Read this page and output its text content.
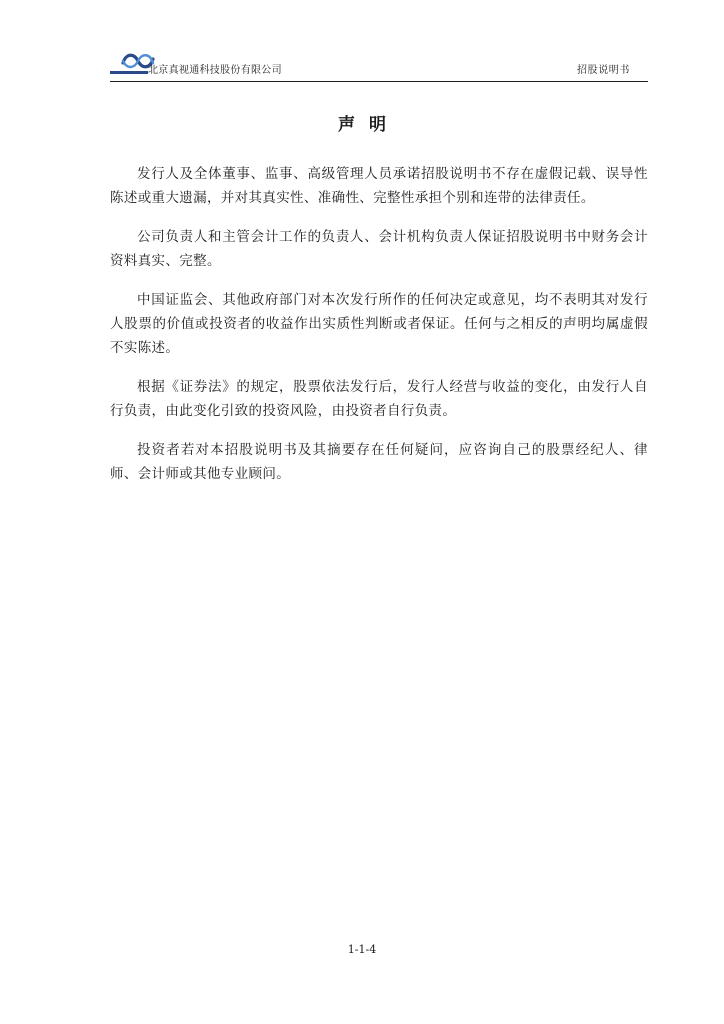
北京真视通科技股份有限公司	招股说明书
声明

发行人及全体董事、监事、高级管理人员承诺招股说明书不存在虚假记载、误导性陈述或重大遗漏，并对其真实性、准确性、完整性承担个别和连带的法律责任。

公司负责人和主管会计工作的负责人、会计机构负责人保证招股说明书中财务会计资料真实、完整。

中国证监会、其他政府部门对本次发行所作的任何决定或意见，均不表明其对发行人股票的价值或投资者的收益作出实质性判断或者保证。任何与之相反的声明均属虚假不实陈述。

根据《证券法》的规定，股票依法发行后，发行人经营与收益的变化，由发行人自行负责，由此变化引致的投资风险，由投资者自行负责。

投资者若对本招股说明书及其摘要存在任何疑问，应咨询自己的股票经纪人、律师、会计师或其他专业顾问。

1-1-4
